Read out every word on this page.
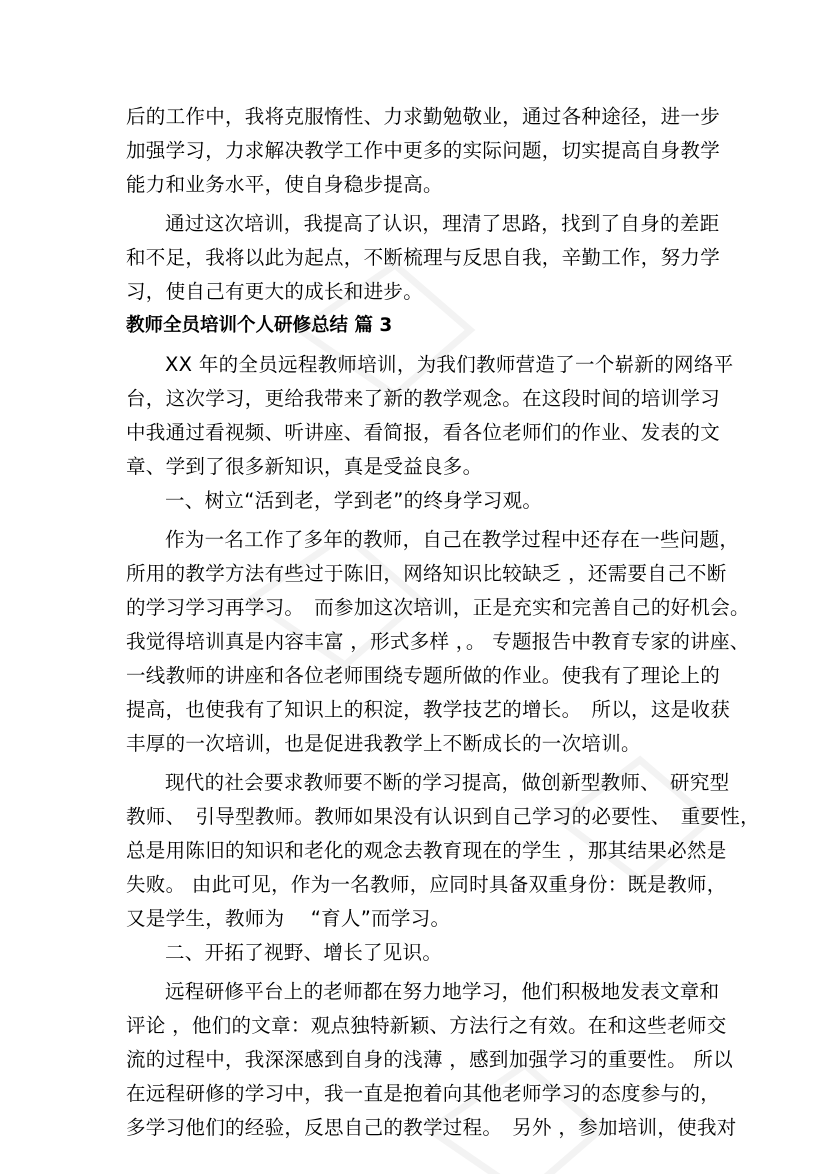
后的工作中，我将克服惰性、力求勤勉敬业，通过各种途径，进一步
加强学习，力求解决教学工作中更多的实际问题，切实提高自身教学
能力和业务水平，使自身稳步提高。
通过这次培训，我提高了认识，理清了思路，找到了自身的差距
和不足，我将以此为起点，不断梳理与反思自我，辛勤工作，努力学
习，使自己有更大的成长和进步。
教师全员培训个人研修总结 篇 3
XX 年的全员远程教师培训，为我们教师营造了一个崭新的网络平
台，这次学习，更给我带来了新的教学观念。在这段时间的培训学习
中我通过看视频、听讲座、看简报，看各位老师们的作业、发表的文
章、学到了很多新知识，真是受益良多。
一、树立“活到老，学到老”的终身学习观。
作为一名工作了多年的教师，自己在教学过程中还存在一些问题，
所用的教学方法有些过于陈旧，网络知识比较缺乏 ，还需要自己不断
的学习学习再学习。　而参加这次培训，正是充实和完善自己的好机会。
我觉得培训真是内容丰富 ，形式多样 ，。 专题报告中教育专家的讲座、
一线教师的讲座和各位老师围绕专题所做的作业。使我有了理论上的
提高，也使我有了知识上的积淀，教学技艺的增长。　所以，这是收获
丰厚的一次培训，也是促进我教学上不断成长的一次培训。
现代的社会要求教师要不断的学习提高，做创新型教师、　研究型
教师、　引导型教师。教师如果没有认识到自己学习的必要性、　重要性，
总是用陈旧的知识和老化的观念去教育现在的学生 ，那其结果必然是
失败。 由此可见，作为一名教师，应同时具备双重身份：既是教师，
又是学生，教师为　 “育人”而学习。
二、开拓了视野、增长了见识。
远程研修平台上的老师都在努力地学习，他们积极地发表文章和
评论 ，他们的文章：观点独特新颖、方法行之有效。在和这些老师交
流的过程中，我深深感到自身的浅薄 ，感到加强学习的重要性。 所以
在远程研修的学习中，我一直是抱着向其他老师学习的态度参与的，
多学习他们的经验，反思自己的教学过程。　另外 ，参加培训，使我对
